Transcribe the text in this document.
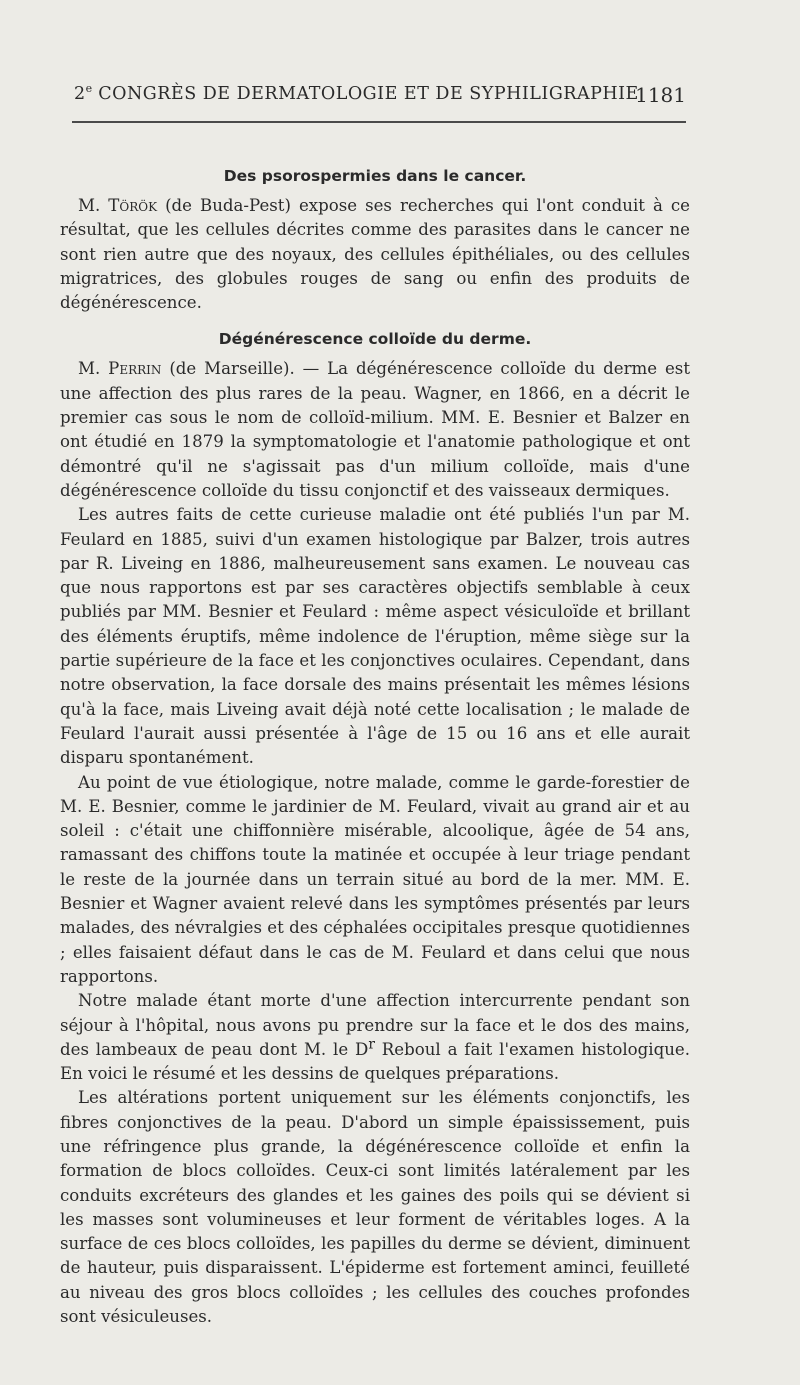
2e CONGRÈS DE DERMATOLOGIE ET DE SYPHILIGRAPHIE
1181
Des psorospermies dans le cancer.

M. Török (de Buda-Pest) expose ses recherches qui l'ont conduit à ce résultat, que les cellules décrites comme des parasites dans le cancer ne sont rien autre que des noyaux, des cellules épithéliales, ou des cellules migratrices, des globules rouges de sang ou enfin des produits de dégénérescence.

Dégénérescence colloïde du derme.

M. Perrin (de Marseille). — La dégénérescence colloïde du derme est une affection des plus rares de la peau. Wagner, en 1866, en a décrit le premier cas sous le nom de colloïd-milium. MM. E. Besnier et Balzer en ont étudié en 1879 la symptomatologie et l'anatomie pathologique et ont démontré qu'il ne s'agissait pas d'un milium colloïde, mais d'une dégénérescence colloïde du tissu conjonctif et des vaisseaux dermiques.

Les autres faits de cette curieuse maladie ont été publiés l'un par M. Feulard en 1885, suivi d'un examen histologique par Balzer, trois autres par R. Liveing en 1886, malheureusement sans examen. Le nouveau cas que nous rapportons est par ses caractères objectifs semblable à ceux publiés par MM. Besnier et Feulard : même aspect vésiculoïde et brillant des éléments éruptifs, même indolence de l'éruption, même siège sur la partie supérieure de la face et les conjonctives oculaires. Cependant, dans notre observation, la face dorsale des mains présentait les mêmes lésions qu'à la face, mais Liveing avait déjà noté cette localisation ; le malade de Feulard l'aurait aussi présentée à l'âge de 15 ou 16 ans et elle aurait disparu spontanément.

Au point de vue étiologique, notre malade, comme le garde-forestier de M. E. Besnier, comme le jardinier de M. Feulard, vivait au grand air et au soleil : c'était une chiffonnière misérable, alcoolique, âgée de 54 ans, ramassant des chiffons toute la matinée et occupée à leur triage pendant le reste de la journée dans un terrain situé au bord de la mer. MM. E. Besnier et Wagner avaient relevé dans les symptômes présentés par leurs malades, des névralgies et des céphalées occipitales presque quotidiennes ; elles faisaient défaut dans le cas de M. Feulard et dans celui que nous rapportons.

Notre malade étant morte d'une affection intercurrente pendant son séjour à l'hôpital, nous avons pu prendre sur la face et le dos des mains, des lambeaux de peau dont M. le $D^r$ Reboul a fait l'examen histologique. En voici le résumé et les dessins de quelques préparations.

Les altérations portent uniquement sur les éléments conjonctifs, les fibres conjonctives de la peau. D'abord un simple épaississement, puis une réfringence plus grande, la dégénérescence colloïde et enfin la formation de blocs colloïdes. Ceux-ci sont limités latéralement par les conduits excréteurs des glandes et les gaines des poils qui se dévient si les masses sont volumineuses et leur forment de véritables loges. A la surface de ces blocs colloïdes, les papilles du derme se dévient, diminuent de hauteur, puis disparaissent. L'épiderme est fortement aminci, feuilleté au niveau des gros blocs colloïdes ; les cellules des couches profondes sont vésiculeuses.
